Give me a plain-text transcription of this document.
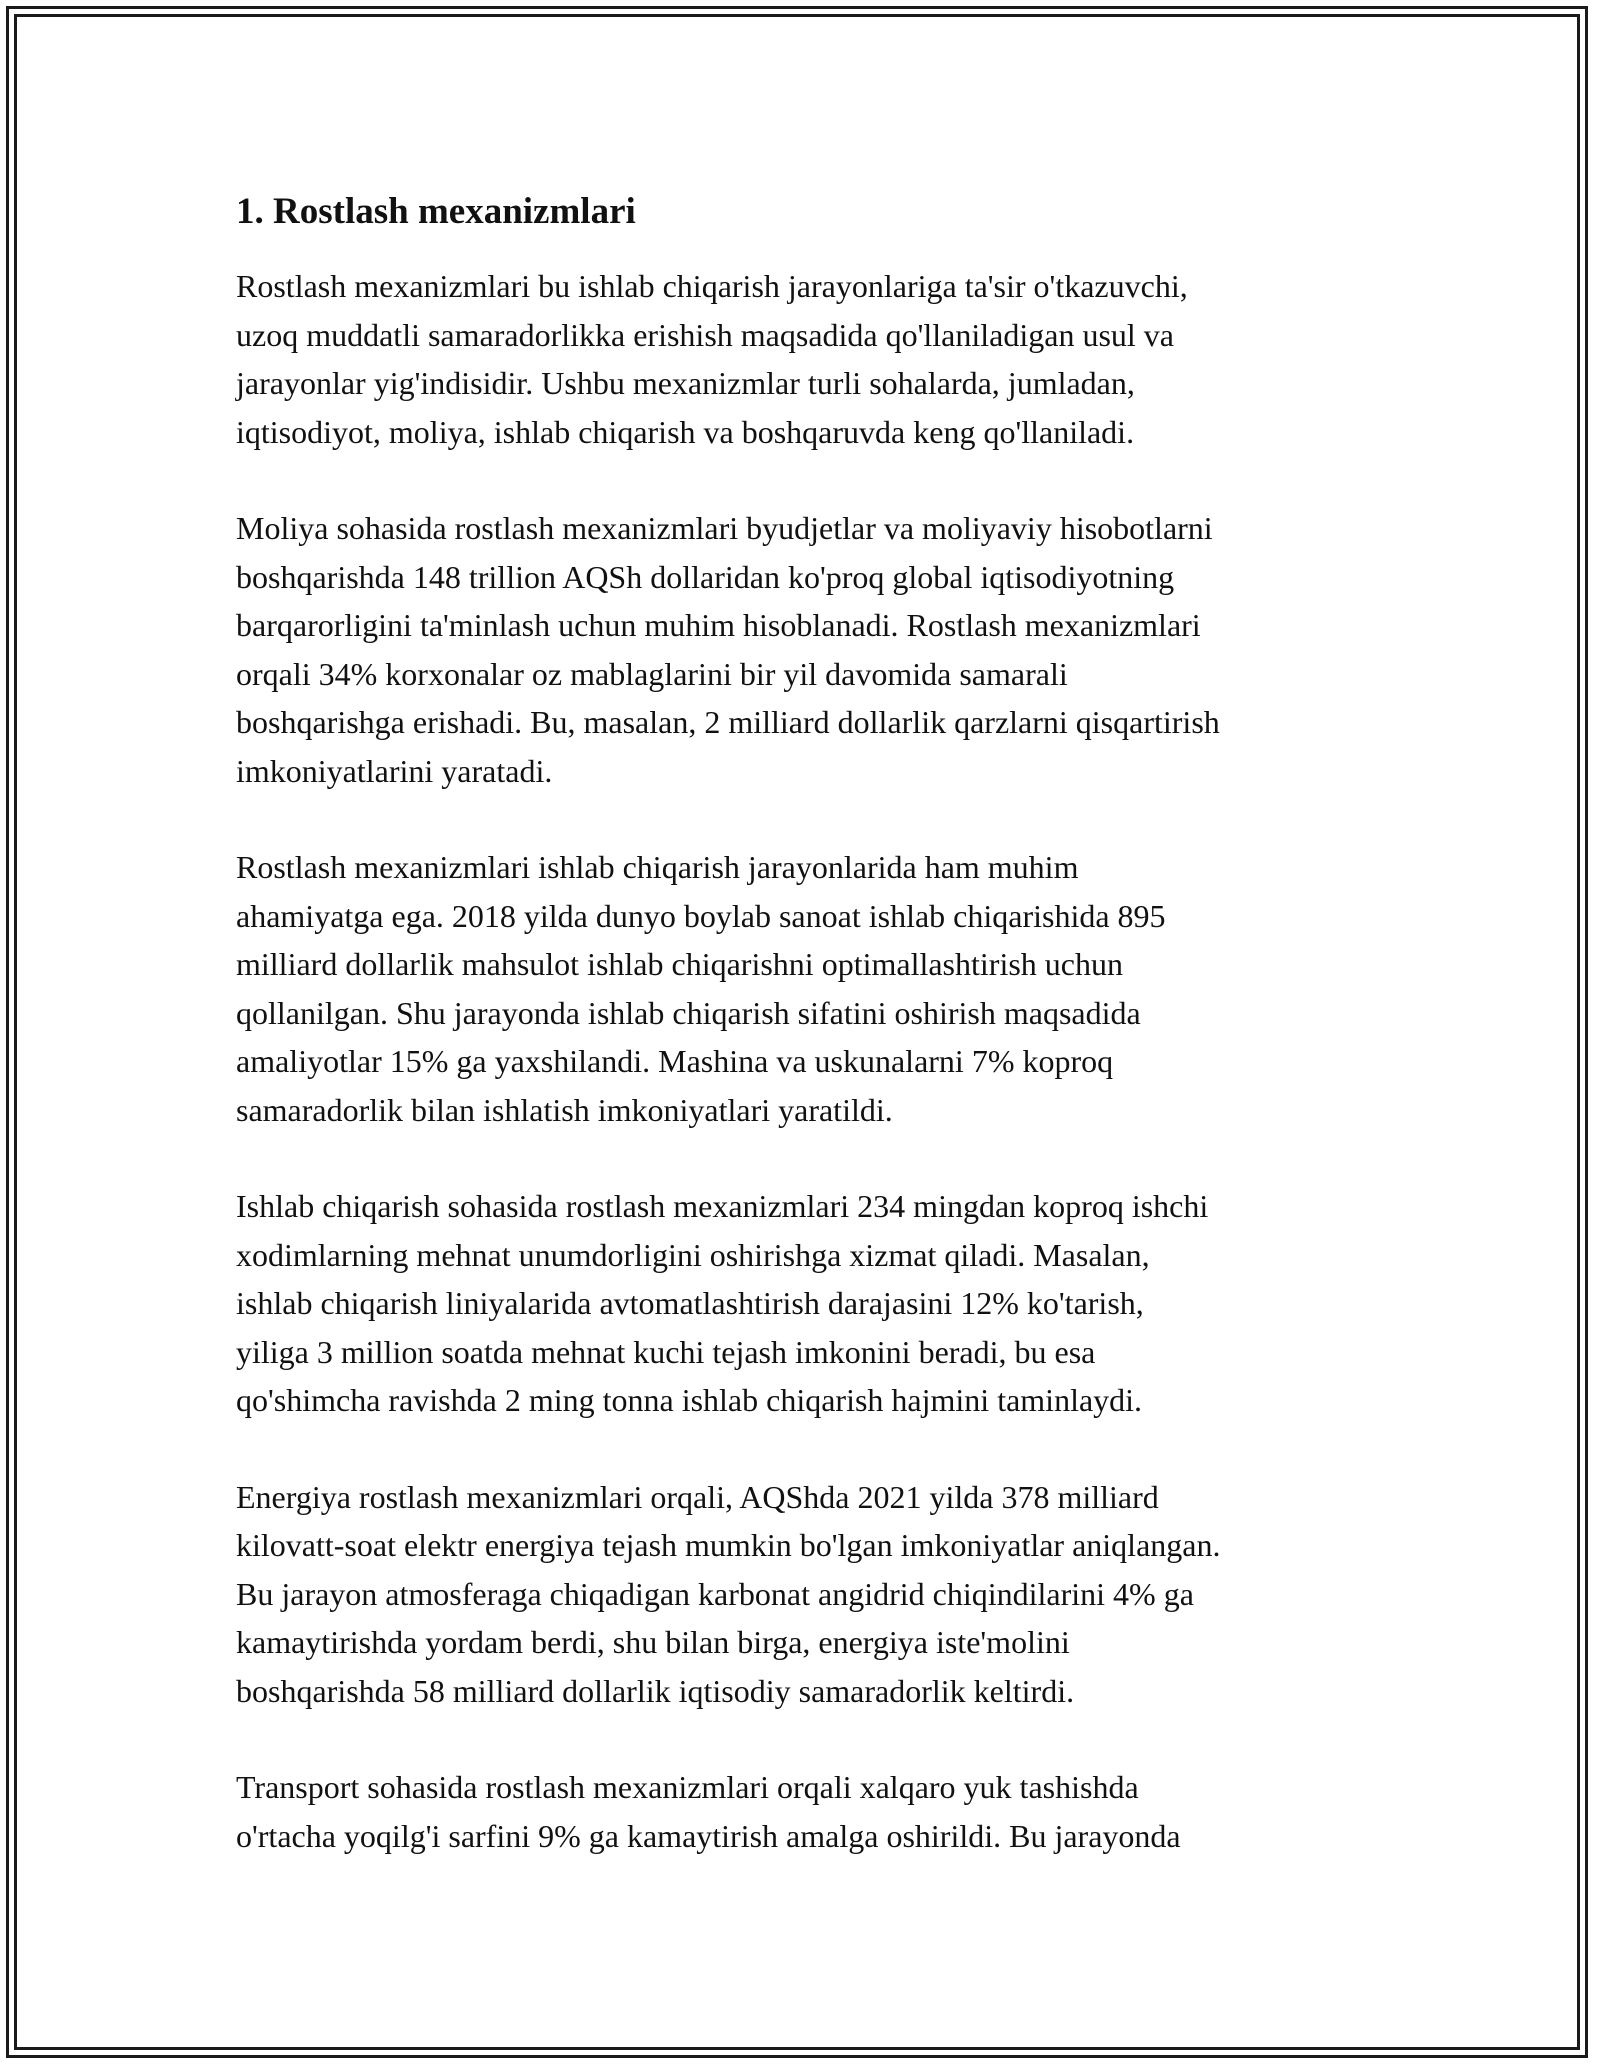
1. Rostlash mexanizmlari

Rostlash mexanizmlari bu ishlab chiqarish jarayonlariga ta'sir o'tkazuvchi,
uzoq muddatli samaradorlikka erishish maqsadida qo'llaniladigan usul va
jarayonlar yig'indisidir. Ushbu mexanizmlar turli sohalarda, jumladan,
iqtisodiyot, moliya, ishlab chiqarish va boshqaruvda keng qo'llaniladi.

Moliya sohasida rostlash mexanizmlari byudjetlar va moliyaviy hisobotlarni
boshqarishda 148 trillion AQSh dollaridan ko'proq global iqtisodiyotning
barqarorligini ta'minlash uchun muhim hisoblanadi. Rostlash mexanizmlari
orqali 34% korxonalar oz mablaglarini bir yil davomida samarali
boshqarishga erishadi. Bu, masalan, 2 milliard dollarlik qarzlarni qisqartirish
imkoniyatlarini yaratadi.

Rostlash mexanizmlari ishlab chiqarish jarayonlarida ham muhim
ahamiyatga ega. 2018 yilda dunyo boylab sanoat ishlab chiqarishida 895
milliard dollarlik mahsulot ishlab chiqarishni optimallashtirish uchun
qollanilgan. Shu jarayonda ishlab chiqarish sifatini oshirish maqsadida
amaliyotlar 15% ga yaxshilandi. Mashina va uskunalarni 7% koproq
samaradorlik bilan ishlatish imkoniyatlari yaratildi.

Ishlab chiqarish sohasida rostlash mexanizmlari 234 mingdan koproq ishchi
xodimlarning mehnat unumdorligini oshirishga xizmat qiladi. Masalan,
ishlab chiqarish liniyalarida avtomatlashtirish darajasini 12% ko'tarish,
yiliga 3 million soatda mehnat kuchi tejash imkonini beradi, bu esa
qo'shimcha ravishda 2 ming tonna ishlab chiqarish hajmini taminlaydi.

Energiya rostlash mexanizmlari orqali, AQShda 2021 yilda 378 milliard
kilovatt-soat elektr energiya tejash mumkin bo'lgan imkoniyatlar aniqlangan.
Bu jarayon atmosferaga chiqadigan karbonat angidrid chiqindilarini 4% ga
kamaytirishda yordam berdi, shu bilan birga, energiya iste'molini
boshqarishda 58 milliard dollarlik iqtisodiy samaradorlik keltirdi.

Transport sohasida rostlash mexanizmlari orqali xalqaro yuk tashishda
o'rtacha yoqilg'i sarfini 9% ga kamaytirish amalga oshirildi. Bu jarayonda
